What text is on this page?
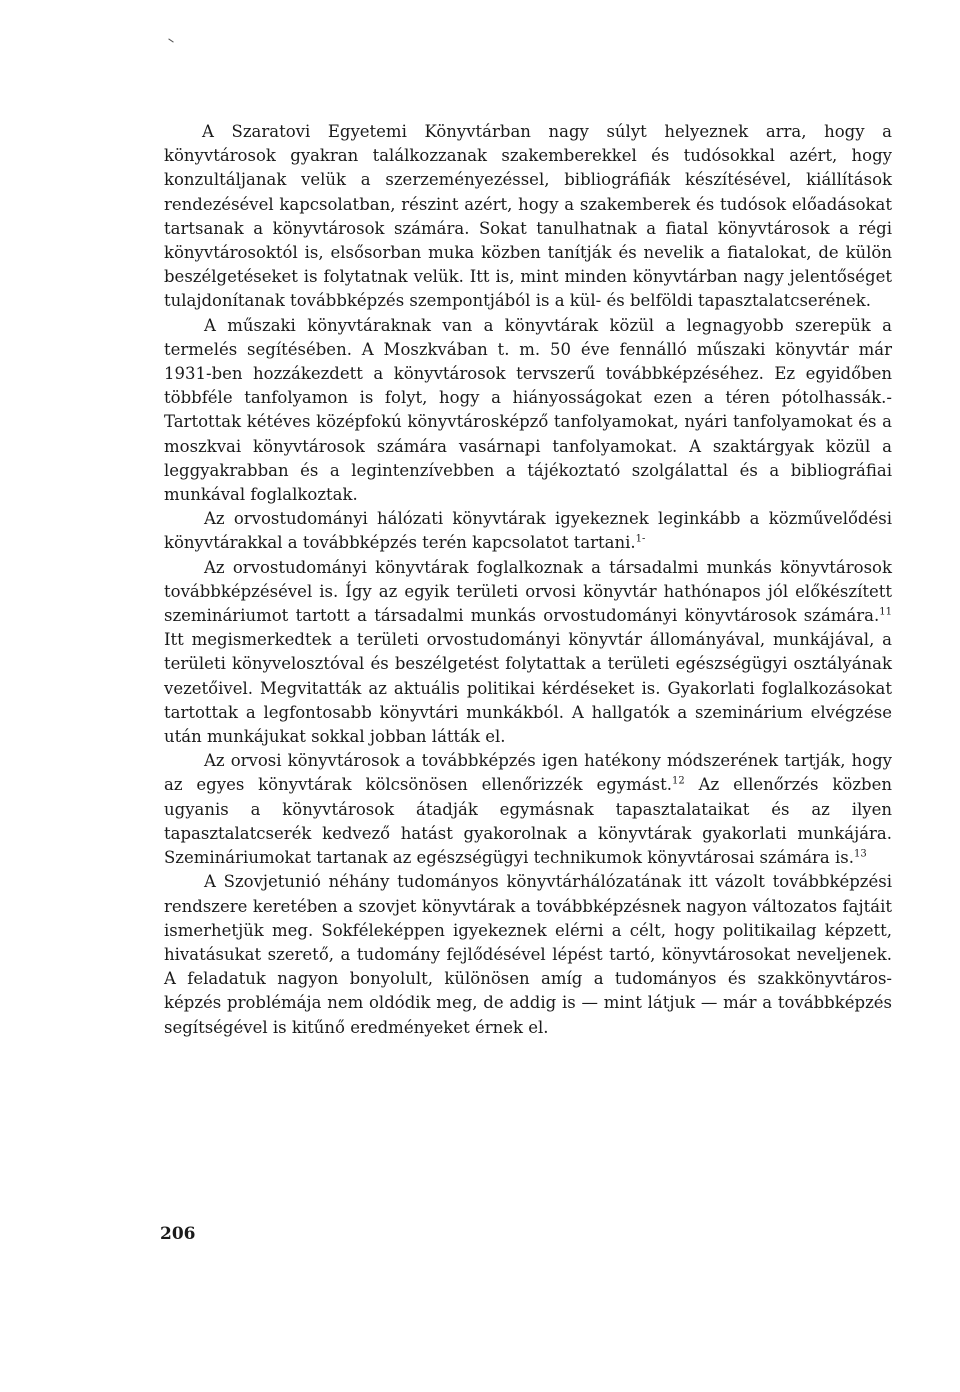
A Szaratovi Egyetemi Könyvtárban nagy súlyt helyeznek arra, hogy a könyvtárosok gyakran találkozzanak szakemberekkel és tudósokkal azért, hogy konzultáljanak velük a szerzeményezéssel, bibliográfiák készítésével, kiállítások rendezésével kapcsolatban, részint azért, hogy a szakemberek és tudósok előadásokat tartsanak a könyvtárosok számára. Sokat tanulhatnak a fiatal könyvtárosok a régi könyvtárosoktól is, elsősorban muka közben tanítják és nevelik a fiatalokat, de külön beszélgetéseket is folytatnak velük. Itt is, mint minden könyvtárban nagy jelentőséget tulajdonítanak továbbképzés szempontjából is a kül- és belföldi tapasztalatcserének.

A műszaki könyvtáraknak van a könyvtárak közül a legnagyobb szerepük a termelés segítésében. A Moszkvában t. m. 50 éve fennálló műszaki könyvtár már 1931-ben hozzákezdett a könyvtárosok tervszerű továbbképzéséhez. Ez egyidőben többféle tanfolyamon is folyt, hogy a hiányosságokat ezen a téren pótolhassák.- Tartottak kétéves középfokú könyvtárosképző tanfolyamokat, nyári tanfolyamokat és a moszkvai könyvtárosok számára vasárnapi tanfolyamokat. A szaktárgyak közül a leggyakrabban és a legintenzívebben a tájékoztató szolgálattal és a bibliográfiai munkával foglalkoztak.

Az orvostudományi hálózati könyvtárak igyekeznek leginkább a közművelődési könyvtárakkal a továbbképzés terén kapcsolatot tartani.$^{1-}$

Az orvostudományi könyvtárak foglalkoznak a társadalmi munkás könyvtárosok továbbképzésével is. Így az egyik területi orvosi könyvtár hathónapos jól előkészített szemináriumot tartott a társadalmi munkás orvostudományi könyvtárosok számára.$^{11}$ Itt megismerkedtek a területi orvostudományi könyvtár állományával, munkájával, a területi könyvelosztóval és beszélgetést folytattak a területi egészségügyi osztályának vezetőivel. Megvitatták az aktuális politikai kérdéseket is. Gyakorlati foglalkozásokat tartottak a legfontosabb könyvtári munkákból. A hallgatók a szeminárium elvégzése után munkájukat sokkal jobban látták el.

Az orvosi könyvtárosok a továbbképzés igen hatékony módszerének tartják, hogy az egyes könyvtárak kölcsönösen ellenőrizzék egymást.$^{12}$ Az ellenőrzés közben ugyanis a könyvtárosok átadják egymásnak tapasztalataikat és az ilyen tapasztalatcserék kedvező hatást gyakorolnak a könyvtárak gyakorlati munkájára. Szemináriumokat tartanak az egészségügyi technikumok könyvtárosai számára is.$^{13}$

A Szovjetunió néhány tudományos könyvtárhálózatának itt vázolt továbbképzési rendszere keretében a szovjet könyvtárak a továbbképzésnek nagyon változatos fajtáit ismerhetjük meg. Sokféleképpen igyekeznek elérni a célt, hogy politikailag képzett, hivatásukat szerető, a tudomány fejlődésével lépést tartó, könyvtárosokat neveljenek. A feladatuk nagyon bonyolult, különösen amíg a tudományos és szakkönyvtáros-képzés problémája nem oldódik meg, de addig is — mint látjuk — már a továbbképzés segítségével is kitűnő eredményeket érnek el.

206
